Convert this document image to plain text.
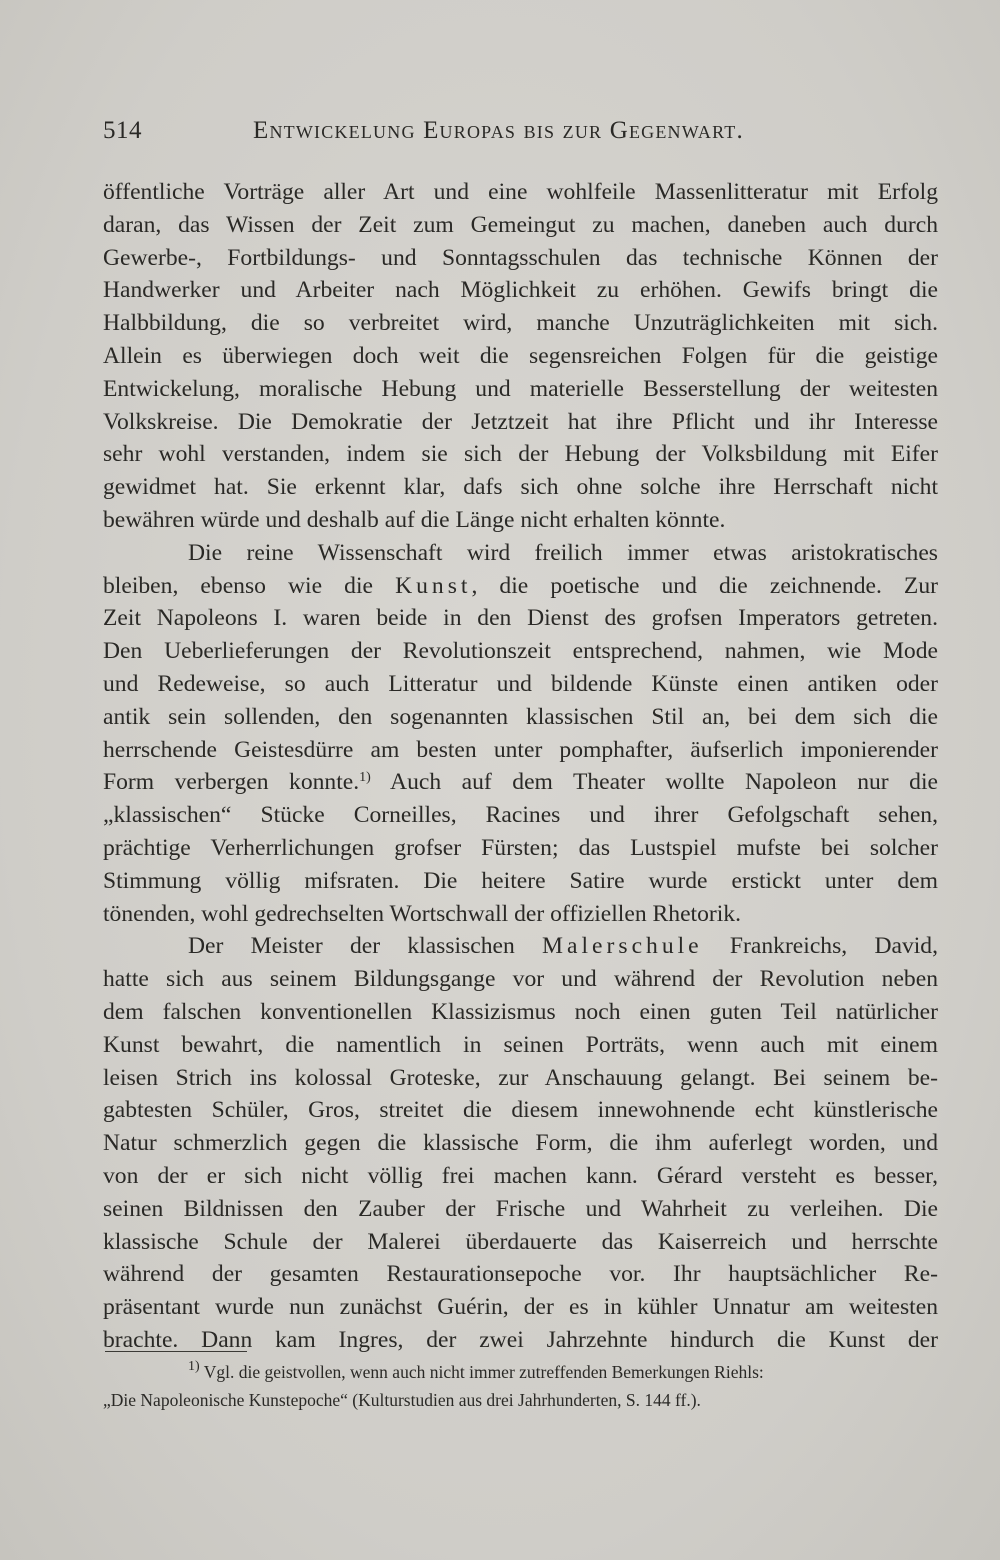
514	Entwickelung Europas bis zur Gegenwart.
öffentliche Vorträge aller Art und eine wohlfeile Massenlitteratur mit Erfolg
daran, das Wissen der Zeit zum Gemeingut zu machen, daneben auch durch
Gewerbe-, Fortbildungs- und Sonntagsschulen das technische Können der
Handwerker und Arbeiter nach Möglichkeit zu erhöhen. Gewifs bringt die
Halbbildung, die so verbreitet wird, manche Unzuträglichkeiten mit sich.
Allein es überwiegen doch weit die segensreichen Folgen für die geistige
Entwickelung, moralische Hebung und materielle Besserstellung der weitesten
Volkskreise. Die Demokratie der Jetztzeit hat ihre Pflicht und ihr Interesse
sehr wohl verstanden, indem sie sich der Hebung der Volksbildung mit Eifer
gewidmet hat. Sie erkennt klar, dafs sich ohne solche ihre Herrschaft nicht
bewähren würde und deshalb auf die Länge nicht erhalten könnte.
Die reine Wissenschaft wird freilich immer etwas aristokratisches
bleiben, ebenso wie die Kunst, die poetische und die zeichnende. Zur
Zeit Napoleons I. waren beide in den Dienst des grofsen Imperators getreten.
Den Ueberlieferungen der Revolutionszeit entsprechend, nahmen, wie Mode
und Redeweise, so auch Litteratur und bildende Künste einen antiken oder
antik sein sollenden, den sogenannten klassischen Stil an, bei dem sich die
herrschende Geistesdürre am besten unter pomphafter, äufserlich imponierender
Form verbergen konnte.$^{1)}$ Auch auf dem Theater wollte Napoleon nur die
„klassischen“ Stücke Corneilles, Racines und ihrer Gefolgschaft sehen,
prächtige Verherrlichungen grofser Fürsten; das Lustspiel mufste bei solcher
Stimmung völlig mifsraten. Die heitere Satire wurde erstickt unter dem
tönenden, wohl gedrechselten Wortschwall der offiziellen Rhetorik.
Der Meister der klassischen Malerschule Frankreichs, David,
hatte sich aus seinem Bildungsgange vor und während der Revolution neben
dem falschen konventionellen Klassizismus noch einen guten Teil natürlicher
Kunst bewahrt, die namentlich in seinen Porträts, wenn auch mit einem
leisen Strich ins kolossal Groteske, zur Anschauung gelangt. Bei seinem be-
gabtesten Schüler, Gros, streitet die diesem innewohnende echt künstlerische
Natur schmerzlich gegen die klassische Form, die ihm auferlegt worden, und
von der er sich nicht völlig frei machen kann. Gérard versteht es besser,
seinen Bildnissen den Zauber der Frische und Wahrheit zu verleihen. Die
klassische Schule der Malerei überdauerte das Kaiserreich und herrschte
während der gesamten Restaurationsepoche vor. Ihr hauptsächlicher Re-
präsentant wurde nun zunächst Guérin, der es in kühler Unnatur am weitesten
brachte. Dann kam Ingres, der zwei Jahrzehnte hindurch die Kunst der
$^{1)}$ Vgl. die geistvollen, wenn auch nicht immer zutreffenden Bemerkungen Riehls:
„Die Napoleonische Kunstepoche“ (Kulturstudien aus drei Jahrhunderten, S. 144 ff.).
